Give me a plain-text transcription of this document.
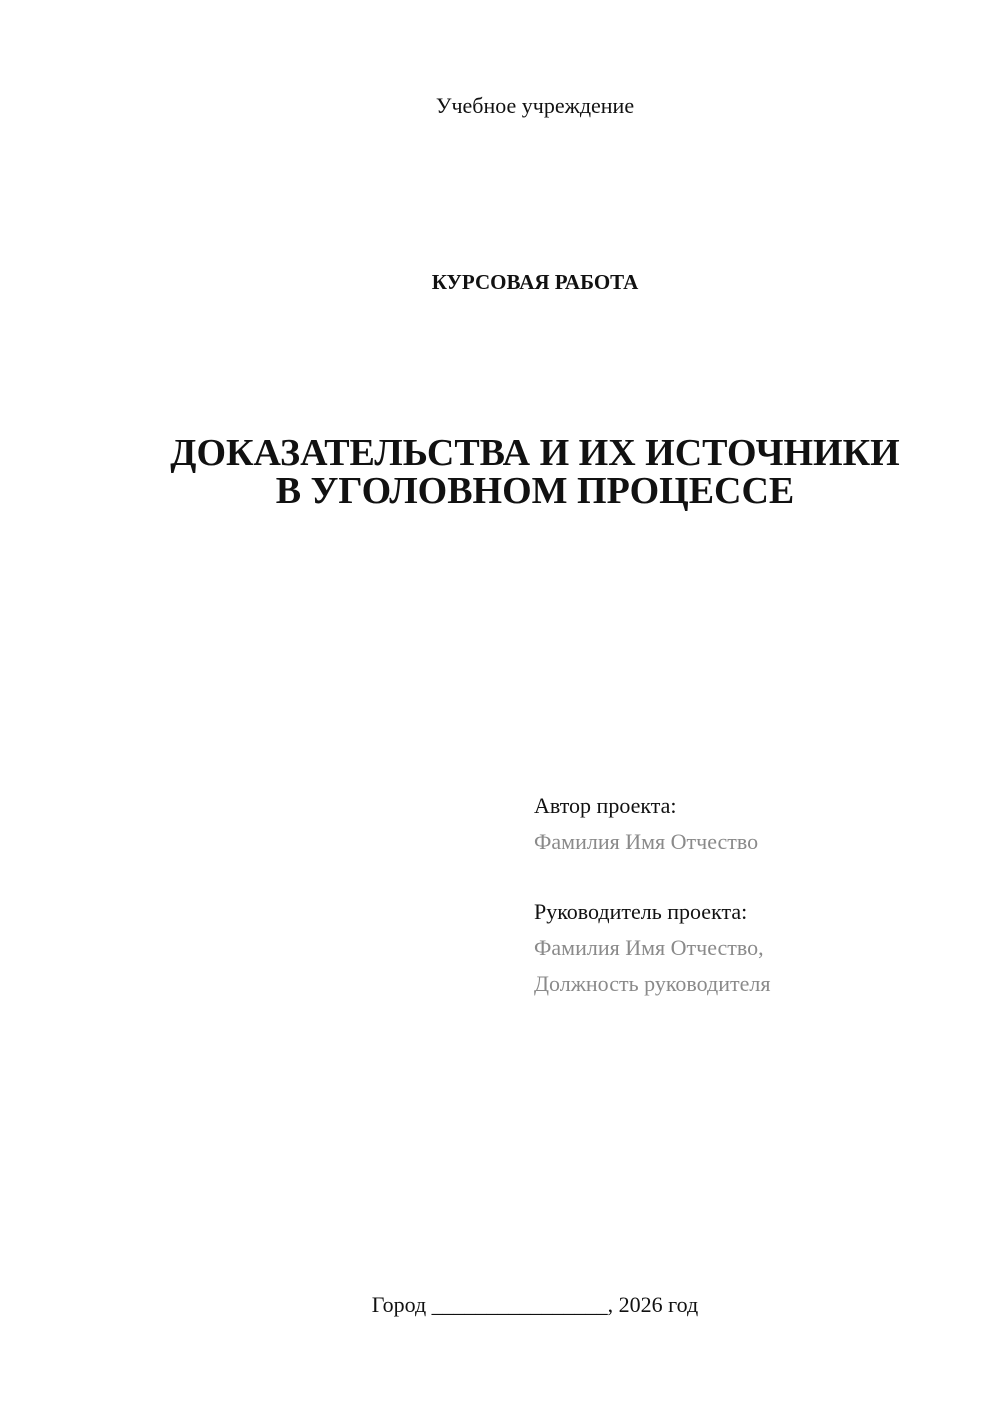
Учебное учреждение
КУРСОВАЯ РАБОТА
ДОКАЗАТЕЛЬСТВА И ИХ ИСТОЧНИКИ
В УГОЛОВНОМ ПРОЦЕССЕ
Автор проекта:
Фамилия Имя Отчество
Руководитель проекта:
Фамилия Имя Отчество,
Должность руководителя
Город ________________, 2026 год
